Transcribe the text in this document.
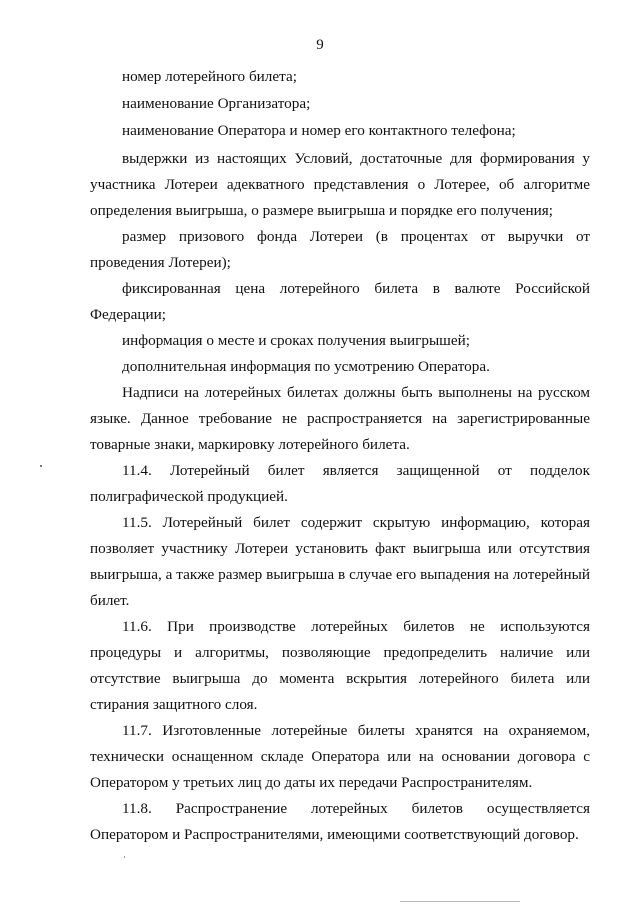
9

номер лотерейного билета;

наименование Организатора;

наименование Оператора и номер его контактного телефона;

выдержки из настоящих Условий, достаточные для формирования у участника Лотереи адекватного представления о Лотерее, об алгоритме определения выигрыша, о размере выигрыша и порядке его получения;

размер призового фонда Лотереи (в процентах от выручки от проведения Лотереи);

фиксированная цена лотерейного билета в валюте Российской Федерации;

информация о месте и сроках получения выигрышей;

дополнительная информация по усмотрению Оператора.

Надписи на лотерейных билетах должны быть выполнены на русском языке. Данное требование не распространяется на зарегистрированные товарные знаки, маркировку лотерейного билета.

11.4. Лотерейный билет является защищенной от подделок полиграфической продукцией.

11.5. Лотерейный билет содержит скрытую информацию, которая позволяет участнику Лотереи установить факт выигрыша или отсутствия выигрыша, а также размер выигрыша в случае его выпадения на лотерейный билет.

11.6. При производстве лотерейных билетов не используются процедуры и алгоритмы, позволяющие предопределить наличие или отсутствие выигрыша до момента вскрытия лотерейного билета или стирания защитного слоя.

11.7. Изготовленные лотерейные билеты хранятся на охраняемом, технически оснащенном складе Оператора или на основании договора с Оператором у третьих лиц до даты их передачи Распространителям.

11.8. Распространение лотерейных билетов осуществляется Оператором и Распространителями, имеющими соответствующий договор.
